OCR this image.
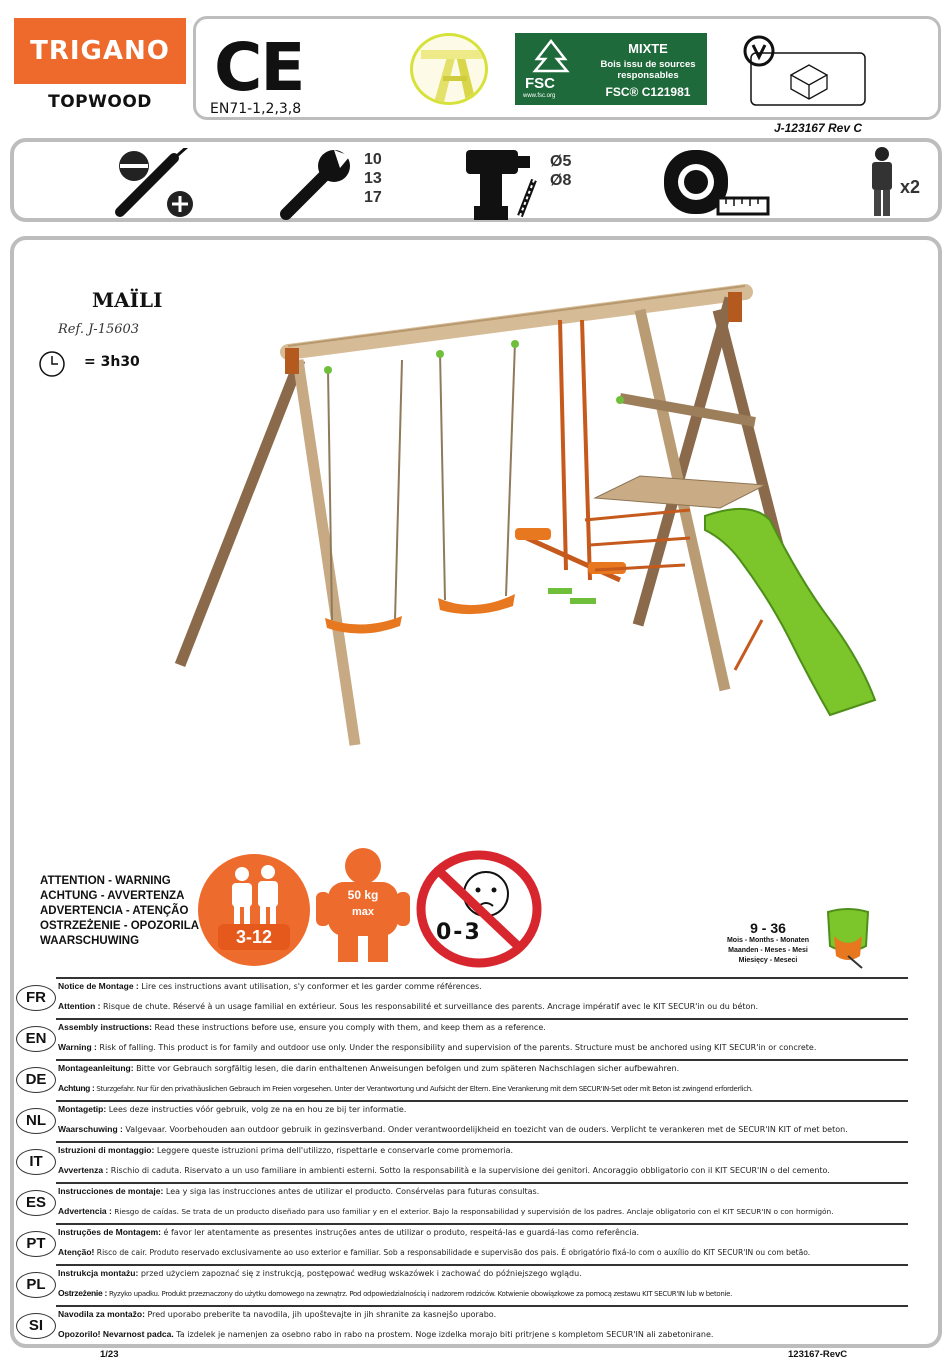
TRIGANO
TOPWOOD CE
EN71-1,2,3,8
FSC
www.fsc.org
MIXTE
Bois issu de sources responsables
FSC® C121981
J-123167 Rev C
10
13
17
Ø5
Ø8	x2
MAÏLI
Ref. J-15603
= 3h30
ATTENTION - WARNING
ACHTUNG - AVVERTENZA
ADVERTENCIA - ATENÇÃO
OSTRZEŻENIE - OPOZORILA
WAARSCHUWING	3-12
50 kg
max
0-3	9 - 36
Mois - Months - Monaten
Maanden - Meses - Mesi
Miesięcy - Meseci
FR
Notice de Montage : Lire ces instructions avant utilisation, s'y conformer et les garder comme références.
Attention : Risque de chute. Réservé à un usage familial en extérieur. Sous les responsabilité et surveillance des parents. Ancrage impératif avec le KIT SECUR'in ou du béton.
EN
Assembly instructions: Read these instructions before use, ensure you comply with them, and keep them as a reference.
Warning : Risk of falling. This product is for family and outdoor use only. Under the responsibility and supervision of the parents. Structure must be anchored using KIT SECUR'in or concrete.
DE
Montageanleitung: Bitte vor Gebrauch sorgfältig lesen, die darin enthaltenen Anweisungen befolgen und zum späteren Nachschlagen sicher aufbewahren.
Achtung : Sturzgefahr. Nur für den privathäuslichen Gebrauch im Freien vorgesehen. Unter der Verantwortung und Aufsicht der Eltern. Eine Verankerung mit dem SECUR'IN-Set oder mit Beton ist zwingend erforderlich.
NL
Montagetip: Lees deze instructies vóór gebruik, volg ze na en hou ze bij ter informatie.
Waarschuwing : Valgevaar. Voorbehouden aan outdoor gebruik in gezinsverband. Onder verantwoordelijkheid en toezicht van de ouders. Verplicht te verankeren met de SECUR'IN KIT of met beton.
IT
Istruzioni di montaggio: Leggere queste istruzioni prima dell'utilizzo, rispettarle e conservarle come promemoria.
Avvertenza : Rischio di caduta. Riservato a un uso familiare in ambienti esterni. Sotto la responsabilità e la supervisione dei genitori. Ancoraggio obbligatorio con il KIT SECUR'IN o del cemento.
ES
Instrucciones de montaje: Lea y siga las instrucciones antes de utilizar el producto. Consérvelas para futuras consultas.
Advertencia : Riesgo de caídas. Se trata de un producto diseñado para uso familiar y en el exterior. Bajo la responsabilidad y supervisión de los padres. Anclaje obligatorio con el KIT SECUR'IN o con hormigón.
PT
Instruções de Montagem: é favor ler atentamente as presentes instruções antes de utilizar o produto, respeitá-las e guardá-las como referência.
Atenção! Risco de cair. Produto reservado exclusivamente ao uso exterior e familiar. Sob a responsabilidade e supervisão dos pais. É obrigatório fixá-lo com o auxílio do KIT SECUR'IN ou com betão.
PL
Instrukcja montażu: przed użyciem zapoznać się z instrukcją, postępować według wskazówek i zachować do późniejszego wglądu.
Ostrzeżenie : Ryzyko upadku. Produkt przeznaczony do użytku domowego na zewnątrz. Pod odpowiedzialnością i nadzorem rodziców. Kotwienie obowiązkowe za pomocą zestawu KIT SECUR'IN lub w betonie.
SI
Navodila za montažo: Pred uporabo preberite ta navodila, jih upoštevajte in jih shranite za kasnejšo uporabo.
Opozorilo! Nevarnost padca. Ta izdelek je namenjen za osebno rabo in rabo na prostem. Noge izdelka morajo biti pritrjene s kompletom SECUR'IN ali zabetonirane.
1/23	123167-RevC
